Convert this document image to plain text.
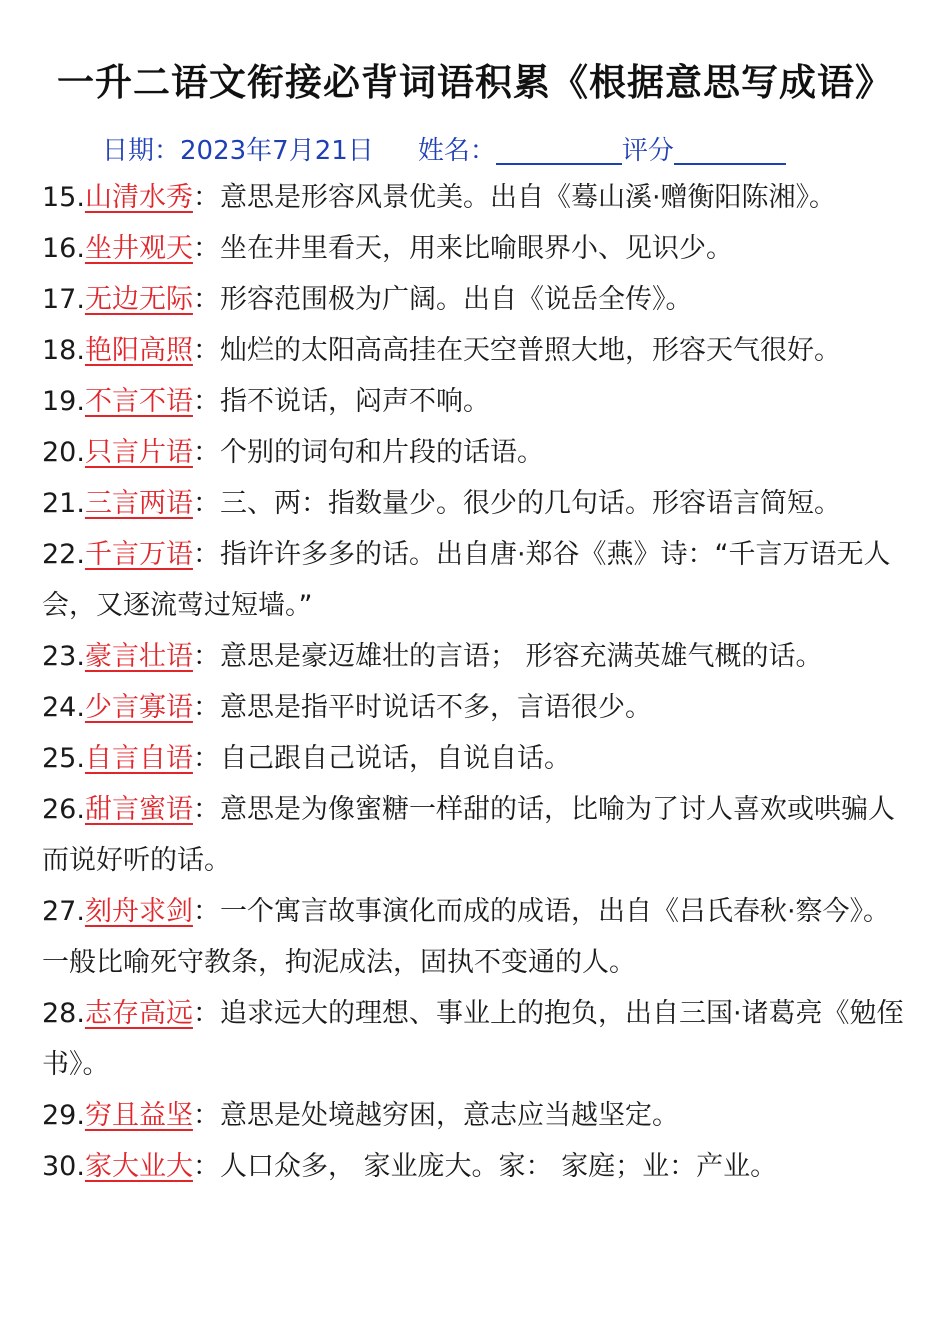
一升二语文衔接必背词语积累《根据意思写成语》
日期：2023年7月21日 姓名：	评分
15.山清水秀：意思是形容风景优美。出自《蓦山溪·赠衡阳陈湘》。
16.坐井观天：坐在井里看天，用来比喻眼界小、见识少。
17.无边无际：形容范围极为广阔。出自《说岳全传》。
18.艳阳高照：灿烂的太阳高高挂在天空普照大地，形容天气很好。
19.不言不语：指不说话，闷声不响。
20.只言片语：个别的词句和片段的话语。
21.三言两语：三、两：指数量少。很少的几句话。形容语言简短。
22.千言万语：指许许多多的话。出自唐·郑谷《燕》诗：“千言万语无人会，又逐流莺过短墙。”
23.豪言壮语：意思是豪迈雄壮的言语； 形容充满英雄气概的话。
24.少言寡语：意思是指平时说话不多，言语很少。
25.自言自语：自己跟自己说话，自说自话。
26.甜言蜜语：意思是为像蜜糖一样甜的话，比喻为了讨人喜欢或哄骗人而说好听的话。
27.刻舟求剑：一个寓言故事演化而成的成语，出自《吕氏春秋·察今》。一般比喻死守教条，拘泥成法，固执不变通的人。
28.志存高远：追求远大的理想、事业上的抱负，出自三国·诸葛亮《勉侄书》。
29.穷且益坚：意思是处境越穷困，意志应当越坚定。
30.家大业大：人口众多， 家业庞大。家： 家庭；业：产业。
